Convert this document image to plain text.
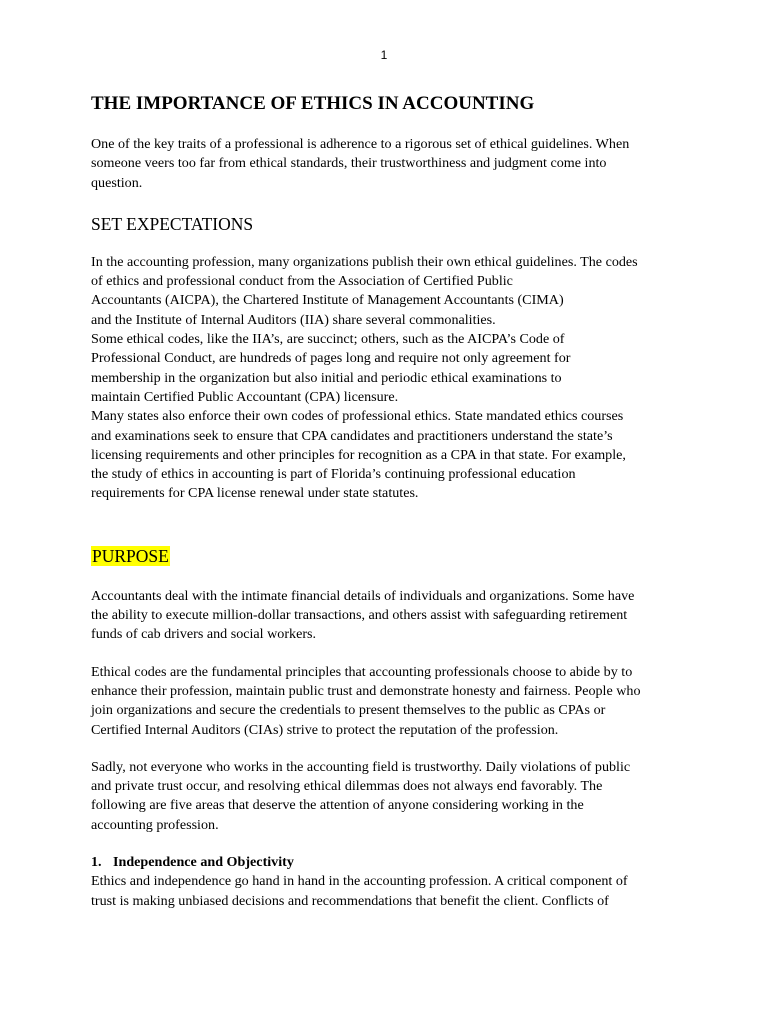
1
THE IMPORTANCE OF ETHICS IN ACCOUNTING

One of the key traits of a professional is adherence to a rigorous set of ethical guidelines. When
someone veers too far from ethical standards, their trustworthiness and judgment come into
question.

SET EXPECTATIONS

In the accounting profession, many organizations publish their own ethical guidelines. The codes
of ethics and professional conduct from the Association of Certified Public
Accountants (AICPA), the Chartered Institute of Management Accountants (CIMA)
and the Institute of Internal Auditors (IIA) share several commonalities.
Some ethical codes, like the IIA’s, are succinct; others, such as the AICPA’s Code of
Professional Conduct, are hundreds of pages long and require not only agreement for
membership in the organization but also initial and periodic ethical examinations to
maintain Certified Public Accountant (CPA) licensure.
Many states also enforce their own codes of professional ethics. State mandated ethics courses
and examinations seek to ensure that CPA candidates and practitioners understand the state’s
licensing requirements and other principles for recognition as a CPA in that state. For example,
the study of ethics in accounting is part of Florida’s continuing professional education
requirements for CPA license renewal under state statutes.

PURPOSE

Accountants deal with the intimate financial details of individuals and organizations. Some have
the ability to execute million-dollar transactions, and others assist with safeguarding retirement
funds of cab drivers and social workers.

Ethical codes are the fundamental principles that accounting professionals choose to abide by to
enhance their profession, maintain public trust and demonstrate honesty and fairness. People who
join organizations and secure the credentials to present themselves to the public as CPAs or
Certified Internal Auditors (CIAs) strive to protect the reputation of the profession.

Sadly, not everyone who works in the accounting field is trustworthy. Daily violations of public
and private trust occur, and resolving ethical dilemmas does not always end favorably. The
following are five areas that deserve the attention of anyone considering working in the
accounting profession.

1. Independence and Objectivity

Ethics and independence go hand in hand in the accounting profession. A critical component of
trust is making unbiased decisions and recommendations that benefit the client. Conflicts of
